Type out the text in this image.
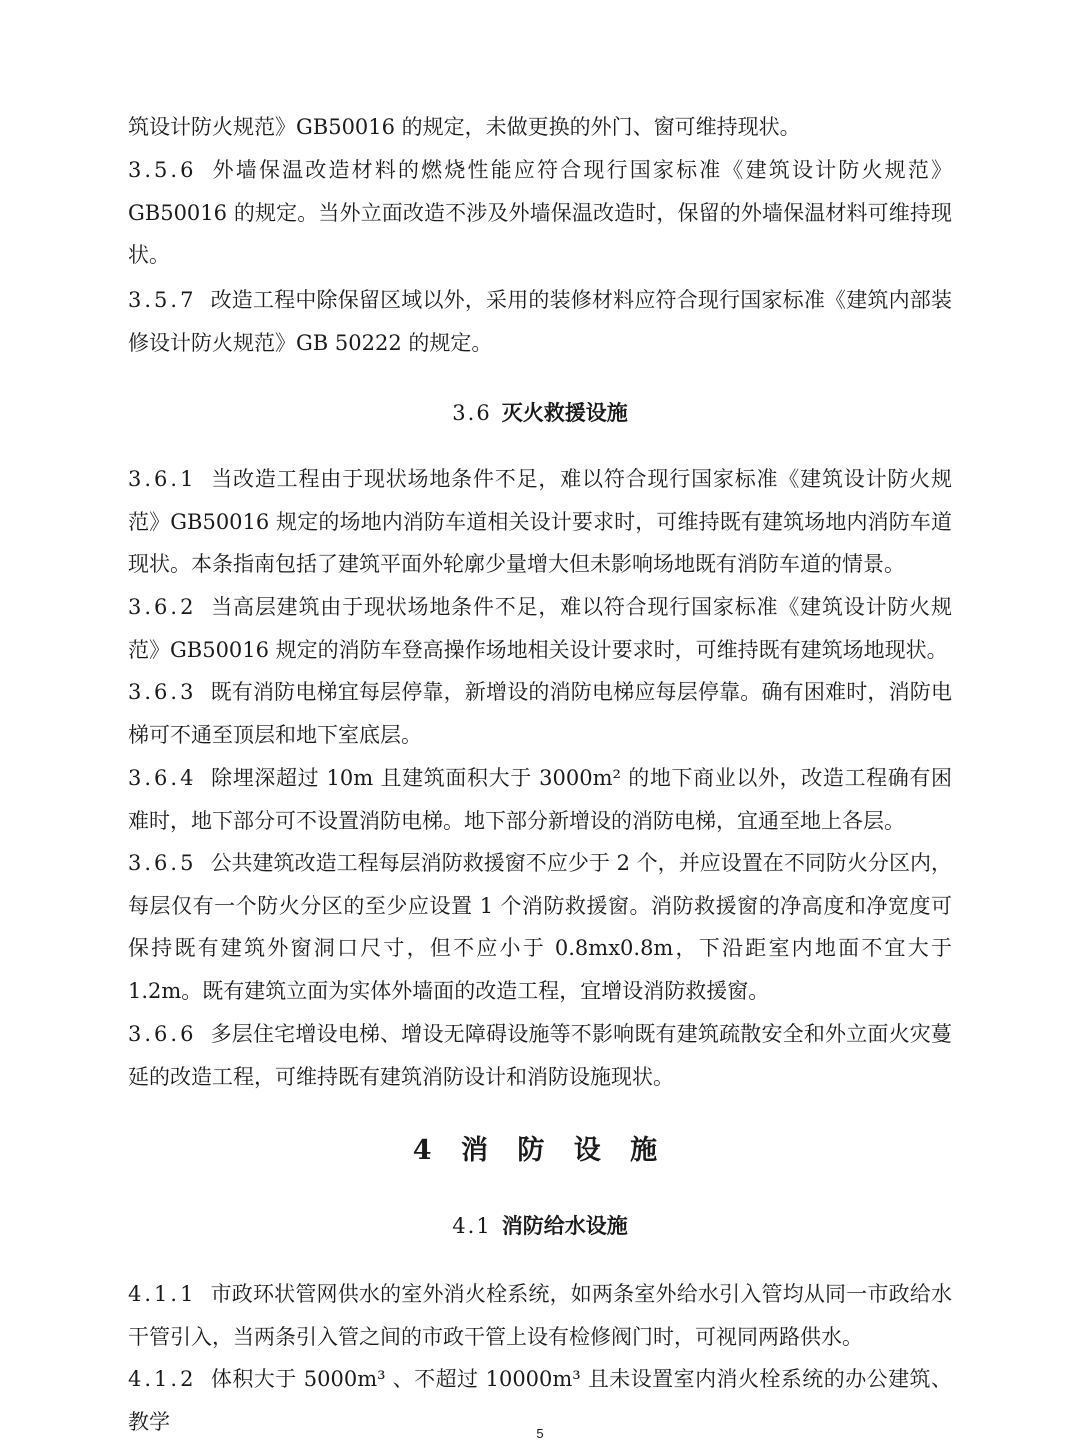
筑设计防火规范》GB50016 的规定，未做更换的外门、窗可维持现状。

3.5.6 外墙保温改造材料的燃烧性能应符合现行国家标准《建筑设计防火规范》GB50016 的规定。当外立面改造不涉及外墙保温改造时，保留的外墙保温材料可维持现状。

3.5.7 改造工程中除保留区域以外，采用的装修材料应符合现行国家标准《建筑内部装修设计防火规范》GB 50222 的规定。

3.6 灭火救援设施

3.6.1 当改造工程由于现状场地条件不足，难以符合现行国家标准《建筑设计防火规范》GB50016 规定的场地内消防车道相关设计要求时，可维持既有建筑场地内消防车道现状。本条指南包括了建筑平面外轮廓少量增大但未影响场地既有消防车道的情景。

3.6.2 当高层建筑由于现状场地条件不足，难以符合现行国家标准《建筑设计防火规范》GB50016 规定的消防车登高操作场地相关设计要求时，可维持既有建筑场地现状。

3.6.3 既有消防电梯宜每层停靠，新增设的消防电梯应每层停靠。确有困难时，消防电梯可不通至顶层和地下室底层。

3.6.4 除埋深超过 10m 且建筑面积大于 3000m² 的地下商业以外，改造工程确有困难时，地下部分可不设置消防电梯。地下部分新增设的消防电梯，宜通至地上各层。

3.6.5 公共建筑改造工程每层消防救援窗不应少于 2 个，并应设置在不同防火分区内，每层仅有一个防火分区的至少应设置 1 个消防救援窗。消防救援窗的净高度和净宽度可保持既有建筑外窗洞口尺寸，但不应小于 0.8mx0.8m，下沿距室内地面不宜大于 1.2m。既有建筑立面为实体外墙面的改造工程，宜增设消防救援窗。

3.6.6 多层住宅增设电梯、增设无障碍设施等不影响既有建筑疏散安全和外立面火灾蔓延的改造工程，可维持既有建筑消防设计和消防设施现状。

4 消 防 设 施
4.1 消防给水设施

4.1.1 市政环状管网供水的室外消火栓系统，如两条室外给水引入管均从同一市政给水干管引入，当两条引入管之间的市政干管上设有检修阀门时，可视同两路供水。

4.1.2 体积大于 5000m³ 、不超过 10000m³ 且未设置室内消火栓系统的办公建筑、教学	5
